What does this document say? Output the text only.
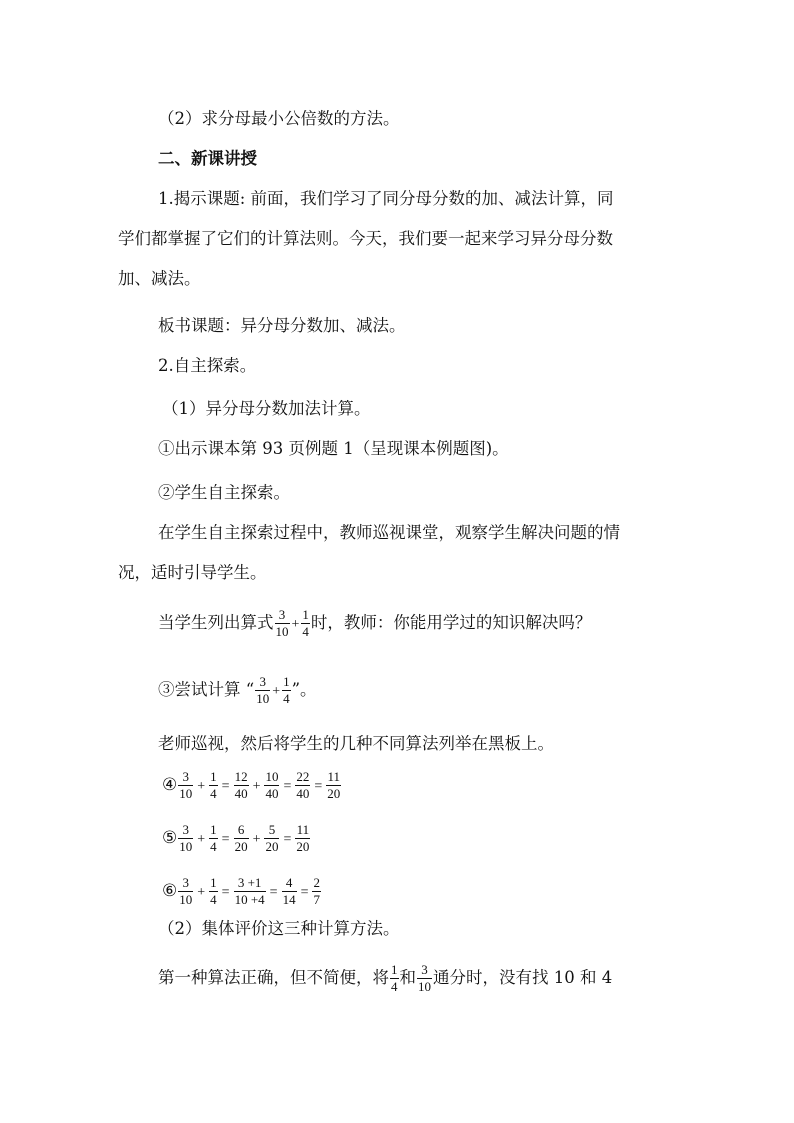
（2）求分母最小公倍数的方法。
二、新课讲授
1.揭示课题: 前面，我们学习了同分母分数的加、减法计算，同
学们都掌握了它们的计算法则。今天，我们要一起来学习异分母分数
加、减法。
板书课题：异分母分数加、减法。
2.自主探索。
（1）异分母分数加法计算。
①出示课本第 93 页例题 1（呈现课本例题图)。
②学生自主探索。
在学生自主探索过程中，教师巡视课堂，观察学生解决问题的情
况，适时引导学生。
当学生列出算式 $\frac{3}{10} + \frac{1}{4}$ 时，教师：你能用学过的知识解决吗？
③尝试计算 “ $\frac{3}{10} + \frac{1}{4}$ ”。
老师巡视，然后将学生的几种不同算法列举在黑板上。
④ $\frac{3}{10} + \frac{1}{4} = \frac{12}{40} + \frac{10}{40} = \frac{22}{40} = \frac{11}{20}$
⑤ $\frac{3}{10} + \frac{1}{4} = \frac{6}{20} + \frac{5}{20} = \frac{11}{20}$
⑥ $\frac{3}{10} + \frac{1}{4} = \frac{3 +1}{10 +4} = \frac{4}{14} = \frac{2}{7}$
（2）集体评价这三种计算方法。
第一种算法正确，但不简便，将 $\frac{1}{4}$ 和 $\frac{3}{10}$ 通分时，没有找 10 和 4
